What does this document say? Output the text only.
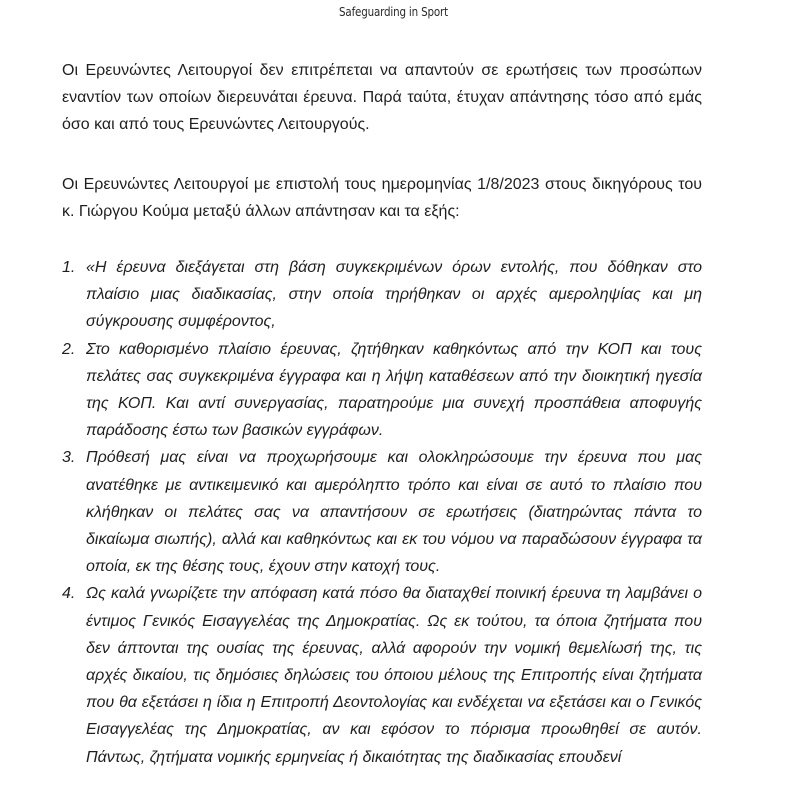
Safeguarding in Sport

Οι Ερευνώντες Λειτουργοί δεν επιτρέπεται να απαντούν σε ερωτήσεις των προσώπων εναντίον των οποίων διερευνάται έρευνα. Παρά ταύτα, έτυχαν απάντησης τόσο από εμάς όσο και από τους Ερευνώντες Λειτουργούς.

Οι Ερευνώντες Λειτουργοί με επιστολή τους ημερομηνίας 1/8/2023 στους δικηγόρους του κ. Γιώργου Κούμα μεταξύ άλλων απάντησαν και τα εξής:

1. «Η έρευνα διεξάγεται στη βάση συγκεκριμένων όρων εντολής, που δόθηκαν στο πλαίσιο μιας διαδικασίας, στην οποία τηρήθηκαν οι αρχές αμεροληψίας και μη σύγκρουσης συμφέροντος,
2. Στο καθορισμένο πλαίσιο έρευνας, ζητήθηκαν καθηκόντως από την ΚΟΠ και τους πελάτες σας συγκεκριμένα έγγραφα και η λήψη καταθέσεων από την διοικητική ηγεσία της ΚΟΠ. Και αντί συνεργασίας, παρατηρούμε μια συνεχή προσπάθεια αποφυγής παράδοσης έστω των βασικών εγγράφων.
3. Πρόθεσή μας είναι να προχωρήσουμε και ολοκληρώσουμε την έρευνα που μας ανατέθηκε με αντικειμενικό και αμερόληπτο τρόπο και είναι σε αυτό το πλαίσιο που κλήθηκαν οι πελάτες σας να απαντήσουν σε ερωτήσεις (διατηρώντας πάντα το δικαίωμα σιωπής), αλλά και καθηκόντως και εκ του νόμου να παραδώσουν έγγραφα τα οποία, εκ της θέσης τους, έχουν στην κατοχή τους.
4. Ως καλά γνωρίζετε την απόφαση κατά πόσο θα διαταχθεί ποινική έρευνα τη λαμβάνει ο έντιμος Γενικός Εισαγγελέας της Δημοκρατίας. Ως εκ τούτου, τα όποια ζητήματα που δεν άπτονται της ουσίας της έρευνας, αλλά αφορούν την νομική θεμελίωσή της, τις αρχές δικαίου, τις δημόσιες δηλώσεις του όποιου μέλους της Επιτροπής είναι ζητήματα που θα εξετάσει η ίδια η Επιτροπή Δεοντολογίας και ενδέχεται να εξετάσει και ο Γενικός Εισαγγελέας της Δημοκρατίας, αν και εφόσον το πόρισμα προωθηθεί σε αυτόν. Πάντως, ζητήματα νομικής ερμηνείας ή δικαιότητας της διαδικασίας επουδενί
